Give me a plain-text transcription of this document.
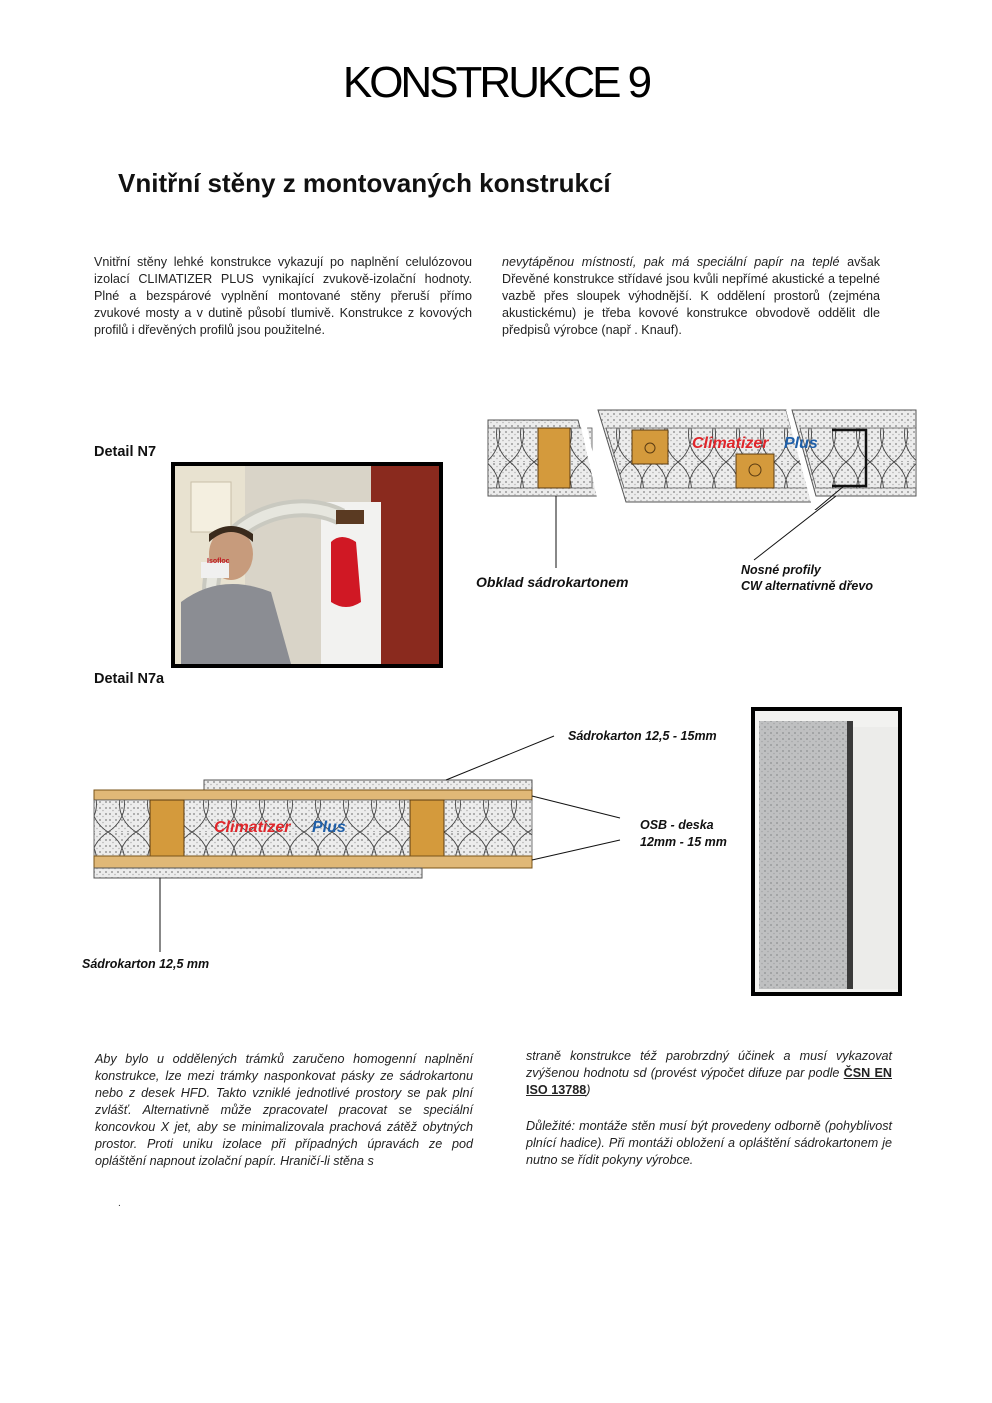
KONSTRUKCE 9
Vnitřní stěny z montovaných konstrukcí
Vnitřní stěny lehké konstrukce vykazují po naplnění celulózovou izolací CLIMATIZER PLUS vynikající zvukově-izolační hodnoty. Plné a bezspárové vyplnění montované stěny přeruší přímo zvukové mosty a v dutině působí tlumivě. Konstrukce z kovových profilů i dřevěných profilů jsou použitelné.
nevytápěnou místností, pak má speciální papír na teplé avšak Dřevěné konstrukce střídavé jsou kvůli nepřímé akustické a tepelné vazbě přes sloupek výhodnější. K oddělení prostorů (zejména akustickému) je třeba kovové konstrukce obvodově oddělit dle předpisů výrobce (např . Knauf).
Detail N7
Isofloc
Climatizer Plus
Obklad sádrokartonem
Nosné profily
CW alternativně dřevo
Detail N7a
Climatizer Plus
Sádrokarton 12,5 - 15mm
OSB - deska
12mm - 15 mm
Sádrokarton 12,5 mm
Aby bylo u oddělených trámků zaručeno homogenní naplnění konstrukce, lze mezi trámky nasponkovat pásky ze sádrokartonu nebo z desek HFD. Takto vzniklé jednotlivé prostory se pak plní zvlášť. Alternativně může zpracovatel pracovat se speciální koncovkou X jet, aby se minimalizovala prachová zátěž obytných prostor. Proti uniku izolace při případných úpravách ze pod opláštění napnout izolační papír. Hraničí-li stěna s
.
straně konstrukce též parobrzdný účinek a musí vykazovat zvýšenou hodnotu sd (provést výpočet difuze par podle ČSN EN ISO 13788)
Důležité: montáže stěn musí být provedeny odborně (pohyblivost plnící hadice). Při montáži obložení a opláštění sádrokartonem je nutno se řídit pokyny výrobce.
